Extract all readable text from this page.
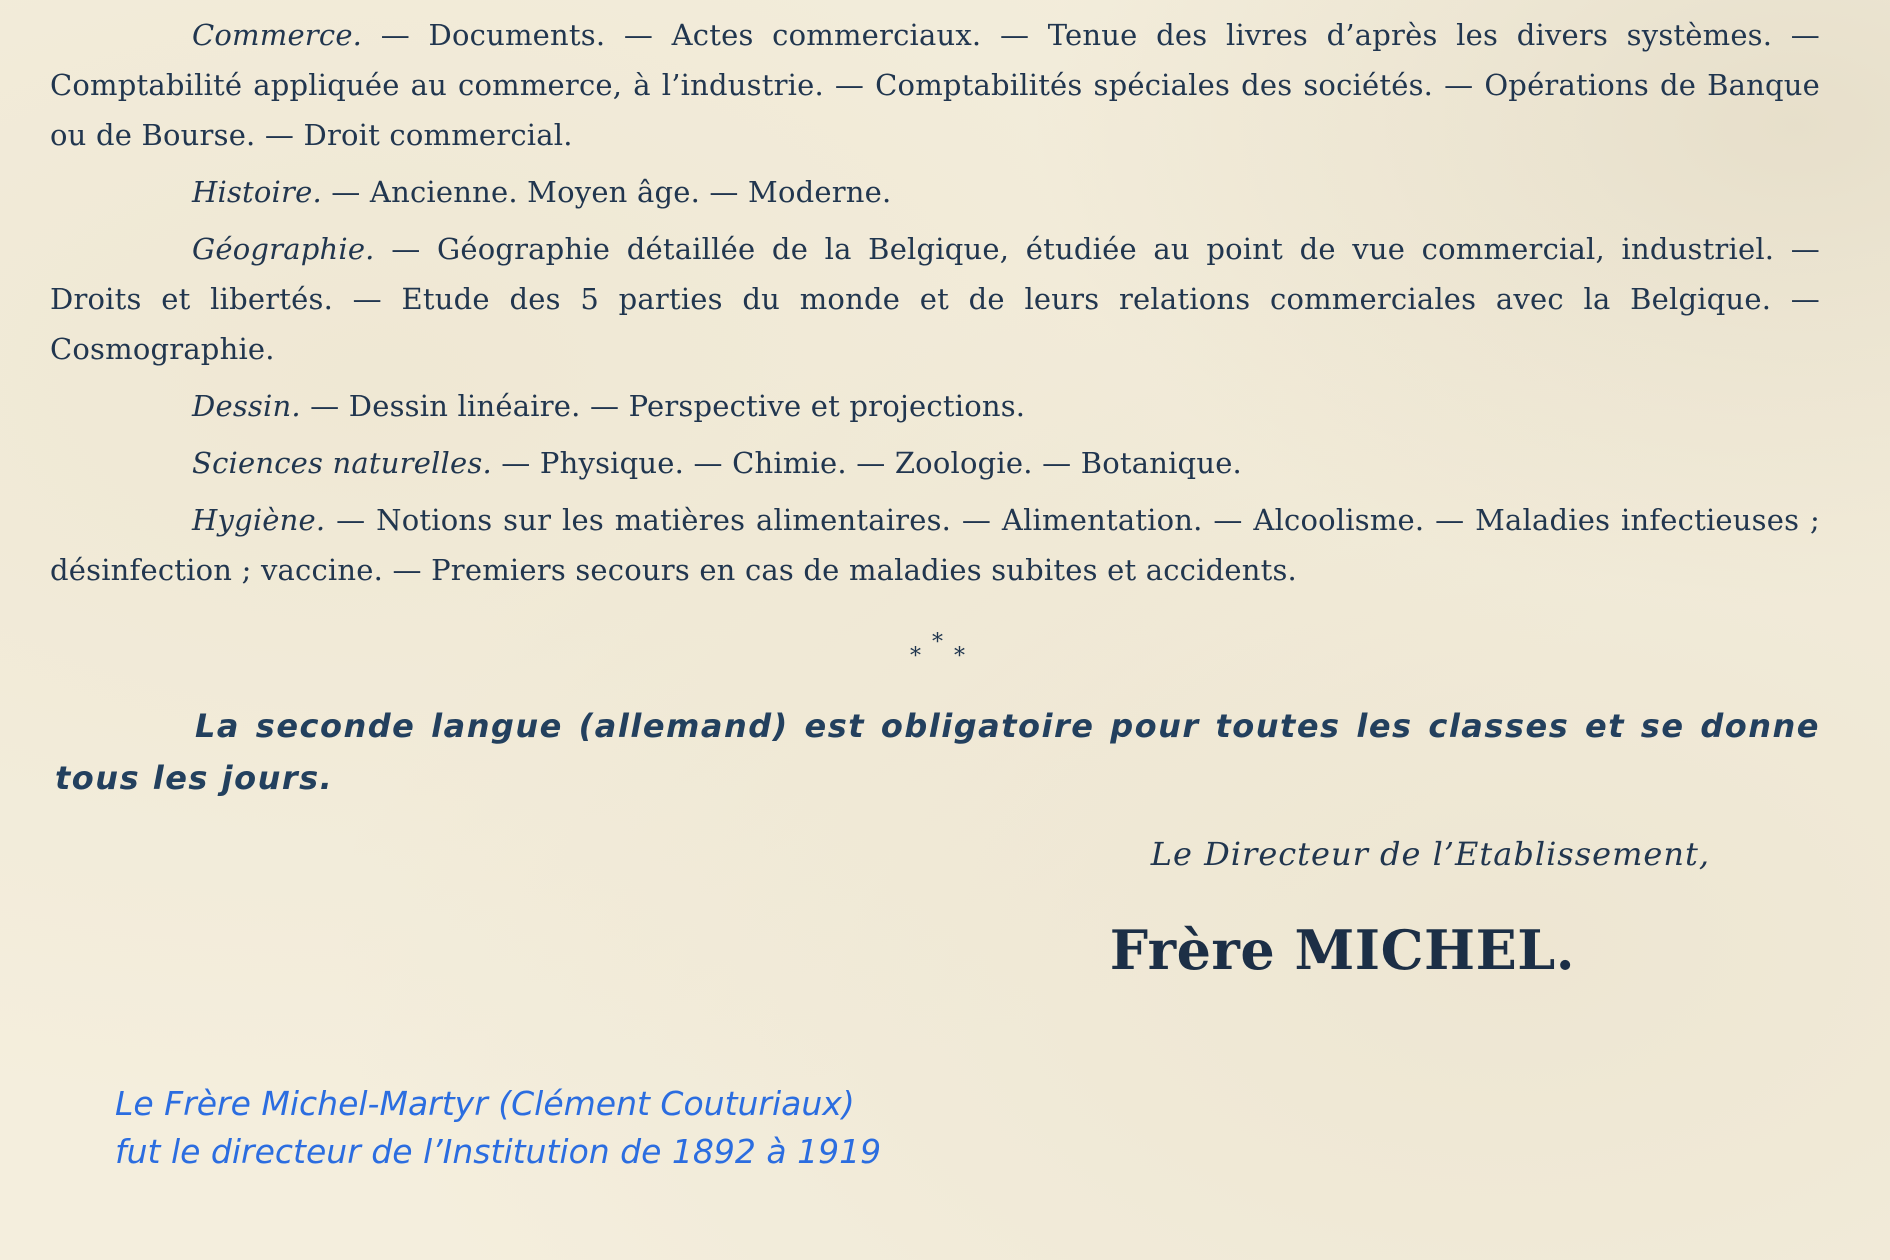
Commerce. — Documents. — Actes commerciaux. — Tenue des livres d’après les divers systèmes. — Comptabilité appliquée au commerce, à l’industrie. — Comptabilités spéciales des sociétés. — Opérations de Banque ou de Bourse. — Droit commercial.

Histoire. — Ancienne. Moyen âge. — Moderne.

Géographie. — Géographie détaillée de la Belgique, étudiée au point de vue commercial, industriel. — Droits et libertés. — Etude des 5 parties du monde et de leurs relations commerciales avec la Belgique. — Cosmographie.

Dessin. — Dessin linéaire. — Perspective et projections.

Sciences naturelles. — Physique. — Chimie. — Zoologie. — Botanique.

Hygiène. — Notions sur les matières alimentaires. — Alimentation. — Alcoolisme. — Maladies infectieuses ; désinfection ; vaccine. — Premiers secours en cas de maladies subites et accidents.

*
* *

La seconde langue (allemand) est obligatoire pour toutes les classes et se donne tous les jours.

Le Directeur de l’Etablissement,
Frère MICHEL.
Le Frère Michel-Martyr (Clément Couturiaux)
fut le directeur de l’Institution de 1892 à 1919
